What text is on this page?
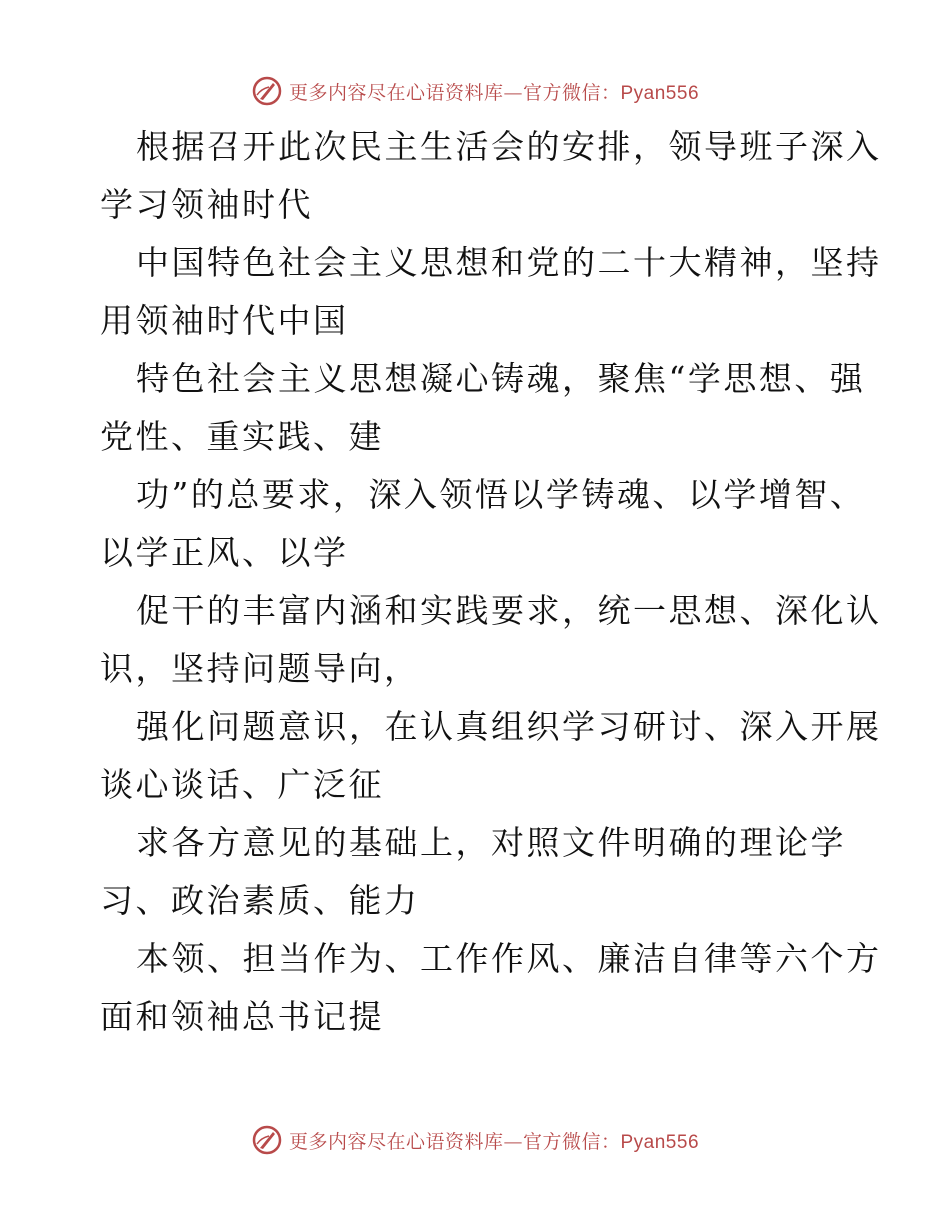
更多内容尽在心语资料库—官方微信：Pyan556

根据召开此次民主生活会的安排，领导班子深入
学习领袖时代

中国特色社会主义思想和党的二十大精神，坚持
用领袖时代中国

特色社会主义思想凝心铸魂，聚焦“学思想、强
党性、重实践、建

功”的总要求，深入领悟以学铸魂、以学增智、
以学正风、以学

促干的丰富内涵和实践要求，统一思想、深化认
识，坚持问题导向，

强化问题意识，在认真组织学习研讨、深入开展
谈心谈话、广泛征

求各方意见的基础上，对照文件明确的理论学
习、政治素质、能力

本领、担当作为、工作作风、廉洁自律等六个方
面和领袖总书记提

更多内容尽在心语资料库—官方微信：Pyan556
